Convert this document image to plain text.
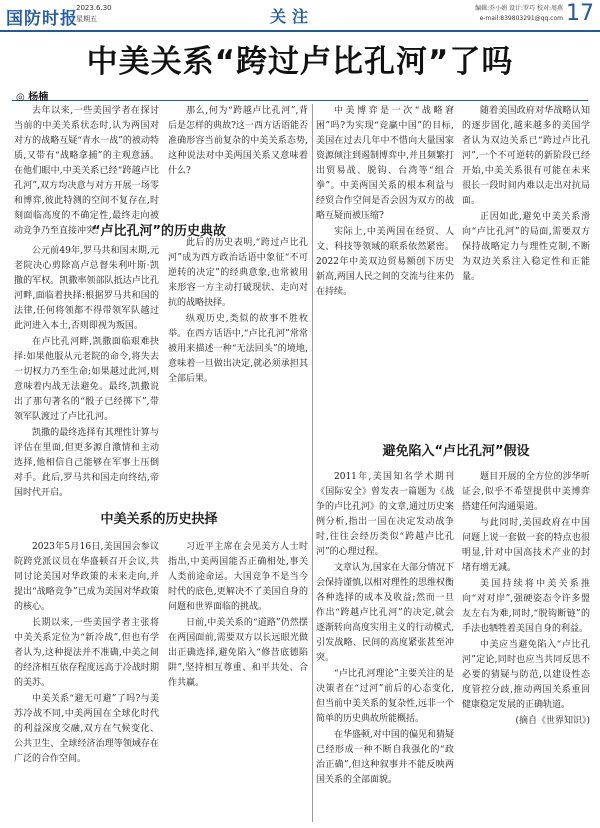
国防时报
2023.6.30
星期五	关注	编辑:乔小娟 设计:罗巧 校对:周燕
e-mail:839803291@qq.com 17
中美关系“跨过卢比孔河”了吗
◎ 杨楠

去年以来,一些美国学者在探讨当前的中美关系状态时,认为两国对对方的战略互疑“青水一战”的被动特质,又带有“战略拿捕”的主观意涵。在他们眼中,中美关系已经“跨越卢比孔河”,双方均决意与对方开展一场零和博弈,彼此特测的空间不复存在,时刻面临高度的不确定性,最终走向被动竞争乃至直接冲突。

那么,何为“跨越卢比孔河”,背后是怎样的典故?这一西方话语能否准确形容当前复杂的中美关系态势,这种说法对中美两国关系又意味着什么?

中美博弈是一次“战略窘困”吗?为实现“竞赢中国”的目标,美国在过去几年中不惜向大量国家资源倾注到遏制博弈中,并且频繁打出贸易战、脱钩、台湾等“组合拳”。中美两国关系的根本利益与经贸合作空间是否会因为双方的战略互疑而被压缩?

实际上,中美两国在经贸、人文、科技等领域的联系依然紧密。2022年中美双边贸易额创下历史新高,两国人民之间的交流与往来仍在持续。

随着美国政府对华战略认知的逐步固化,越来越多的美国学者认为双边关系已“跨过卢比孔河”,一个不可逆转的新阶段已经开始,中美关系很有可能在未来很长一段时间内难以走出对抗局面。

正因如此,避免中美关系滑向“卢比孔河”的局面,需要双方保持战略定力与理性克制,不断为双边关系注入稳定性和正能量。

“卢比孔河”的历史典故

公元前49年,罗马共和国末期,元老院决心剪除高卢总督朱利叶斯·凯撒的军权。凯撒率领部队抵达卢比孔河畔,面临着抉择:根据罗马共和国的法律,任何将领都不得带领军队越过此河进入本土,否则即视为叛国。

在卢比孔河畔,凯撒面临艰难抉择:如果他服从元老院的命令,将失去一切权力乃至生命;如果越过此河,则意味着内战无法避免。最终,凯撒说出了那句著名的“骰子已经掷下”,带领军队渡过了卢比孔河。

凯撒的最终选择有其理性计算与评估在里面,但更多源自激情和主动选择,他相信自己能够在军事上压倒对手。此后,罗马共和国走向终结,帝国时代开启。

此后的历史表明,“跨过卢比孔河”成为西方政治话语中象征“不可逆转的决定”的经典意象,也常被用来形容一方主动打破现状、走向对抗的战略抉择。

纵观历史,类似的故事不胜枚举。在西方话语中,“卢比孔河”常常被用来描述一种“无法回头”的境地,意味着一旦做出决定,就必须承担其全部后果。

中美关系的历史抉择

2023年5月16日,美国国会参议院跨党派议员在华盛顿召开会议,共同讨论美国对华政策的未来走向,并提出“战略竞争”已成为美国对华政策的核心。

长期以来,一些美国学者主张将中美关系定位为“新冷战”,但也有学者认为,这种提法并不准确,中美之间的经济相互依存程度远高于冷战时期的美苏。

中美关系“避无可避”了吗?与美苏冷战不同,中美两国在全球化时代的利益深度交融,双方在气候变化、公共卫生、全球经济治理等领域存在广泛的合作空间。

习近平主席在会见美方人士时指出,中美两国能否正确相处,事关人类前途命运。大国竞争不是当今时代的底色,更解决不了美国自身的问题和世界面临的挑战。

日前,中美关系的“道路”仍然摆在两国面前,需要双方以长远眼光做出正确选择,避免陷入“修昔底德陷阱”,坚持相互尊重、和平共处、合作共赢。

避免陷入“卢比孔河”假设

2011年,美国知名学术期刊《国际安全》曾发表一篇题为《战争的卢比孔河》的文章,通过历史案例分析,指出一国在决定发动战争时,往往会经历类似“跨越卢比孔河”的心理过程。

文章认为,国家在大部分情况下会保持谨慎,以相对理性的思维权衡各种选择的成本及收益;然而一旦作出“跨越卢比孔河”的决定,就会逐渐转向高度实用主义的行动模式,引发战略、民间的高度紧张甚至冲突。

“卢比孔河理论”主要关注的是决策者在“过河”前后的心态变化,但当前中美关系的复杂性,远非一个简单的历史典故所能概括。

在华盛顿,对中国的偏见和猜疑已经形成一种不断自我强化的“政治正确”,但这种叙事并不能反映两国关系的全部面貌。

题目开展的全方位的涉华听证会,似乎不希望提供中美博弈搭建任何沟通渠道。

与此同时,美国政府在中国问题上说一套做一套的特点也很明显,针对中国高技术产业的封堵有增无减。

美国持续将中美关系推向“对对岸”,强硬姿态令许多盟友左右为难,同时,“脱钩断链”的手法也牺牲着美国自身的利益。

中美应当避免陷入“卢比孔河”定论,同时也应当共同反思不必要的猜疑与防范,以建设性态度管控分歧,推动两国关系重回健康稳定发展的正确轨道。

(摘自《世界知识》)
